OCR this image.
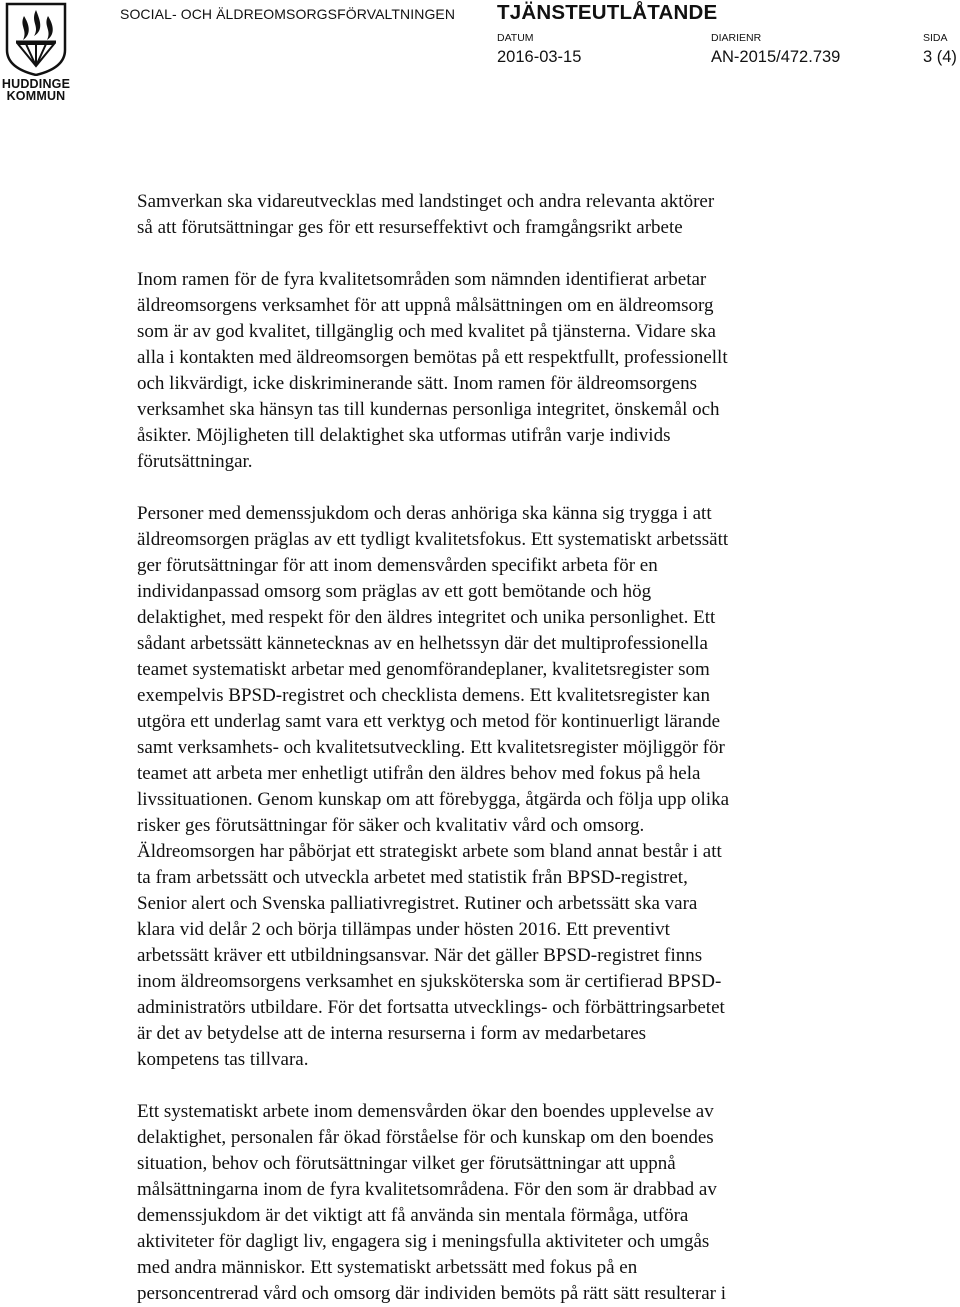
HUDDINGE
KOMMUN
SOCIAL- OCH ÄLDREOMSORGSFÖRVALTNINGEN TJÄNSTEUTLÅTANDE
DATUM
2016-03-15
DIARIENR
AN-2015/472.739
SIDA
3 (4)

Samverkan ska vidareutvecklas med landstinget och andra relevanta aktörer
så att förutsättningar ges för ett resurseffektivt och framgångsrikt arbete

Inom ramen för de fyra kvalitetsområden som nämnden identifierat arbetar
äldreomsorgens verksamhet för att uppnå målsättningen om en äldreomsorg
som är av god kvalitet, tillgänglig och med kvalitet på tjänsterna. Vidare ska
alla i kontakten med äldreomsorgen bemötas på ett respektfullt, professionellt
och likvärdigt, icke diskriminerande sätt. Inom ramen för äldreomsorgens
verksamhet ska hänsyn tas till kundernas personliga integritet, önskemål och
åsikter. Möjligheten till delaktighet ska utformas utifrån varje individs
förutsättningar.

Personer med demenssjukdom och deras anhöriga ska känna sig trygga i att
äldreomsorgen präglas av ett tydligt kvalitetsfokus. Ett systematiskt arbetssätt
ger förutsättningar för att inom demensvården specifikt arbeta för en
individanpassad omsorg som präglas av ett gott bemötande och hög
delaktighet, med respekt för den äldres integritet och unika personlighet. Ett
sådant arbetssätt kännetecknas av en helhetssyn där det multiprofessionella
teamet systematiskt arbetar med genomförandeplaner, kvalitetsregister som
exempelvis BPSD-registret och checklista demens. Ett kvalitetsregister kan
utgöra ett underlag samt vara ett verktyg och metod för kontinuerligt lärande
samt verksamhets- och kvalitetsutveckling. Ett kvalitetsregister möjliggör för
teamet att arbeta mer enhetligt utifrån den äldres behov med fokus på hela
livssituationen. Genom kunskap om att förebygga, åtgärda och följa upp olika
risker ges förutsättningar för säker och kvalitativ vård och omsorg.
Äldreomsorgen har påbörjat ett strategiskt arbete som bland annat består i att
ta fram arbetssätt och utveckla arbetet med statistik från BPSD-registret,
Senior alert och Svenska palliativregistret. Rutiner och arbetssätt ska vara
klara vid delår 2 och börja tillämpas under hösten 2016. Ett preventivt
arbetssätt kräver ett utbildningsansvar. När det gäller BPSD-registret finns
inom äldreomsorgens verksamhet en sjuksköterska som är certifierad BPSD-
administratörs utbildare. För det fortsatta utvecklings- och förbättringsarbetet
är det av betydelse att de interna resurserna i form av medarbetares
kompetens tas tillvara.

Ett systematiskt arbete inom demensvården ökar den boendes upplevelse av
delaktighet, personalen får ökad förståelse för och kunskap om den boendes
situation, behov och förutsättningar vilket ger förutsättningar att uppnå
målsättningarna inom de fyra kvalitetsområdena. För den som är drabbad av
demenssjukdom är det viktigt att få använda sin mentala förmåga, utföra
aktiviteter för dagligt liv, engagera sig i meningsfulla aktiviteter och umgås
med andra människor. Ett systematiskt arbetssätt med fokus på en
personcentrerad vård och omsorg där individen bemöts på rätt sätt resulterar i
